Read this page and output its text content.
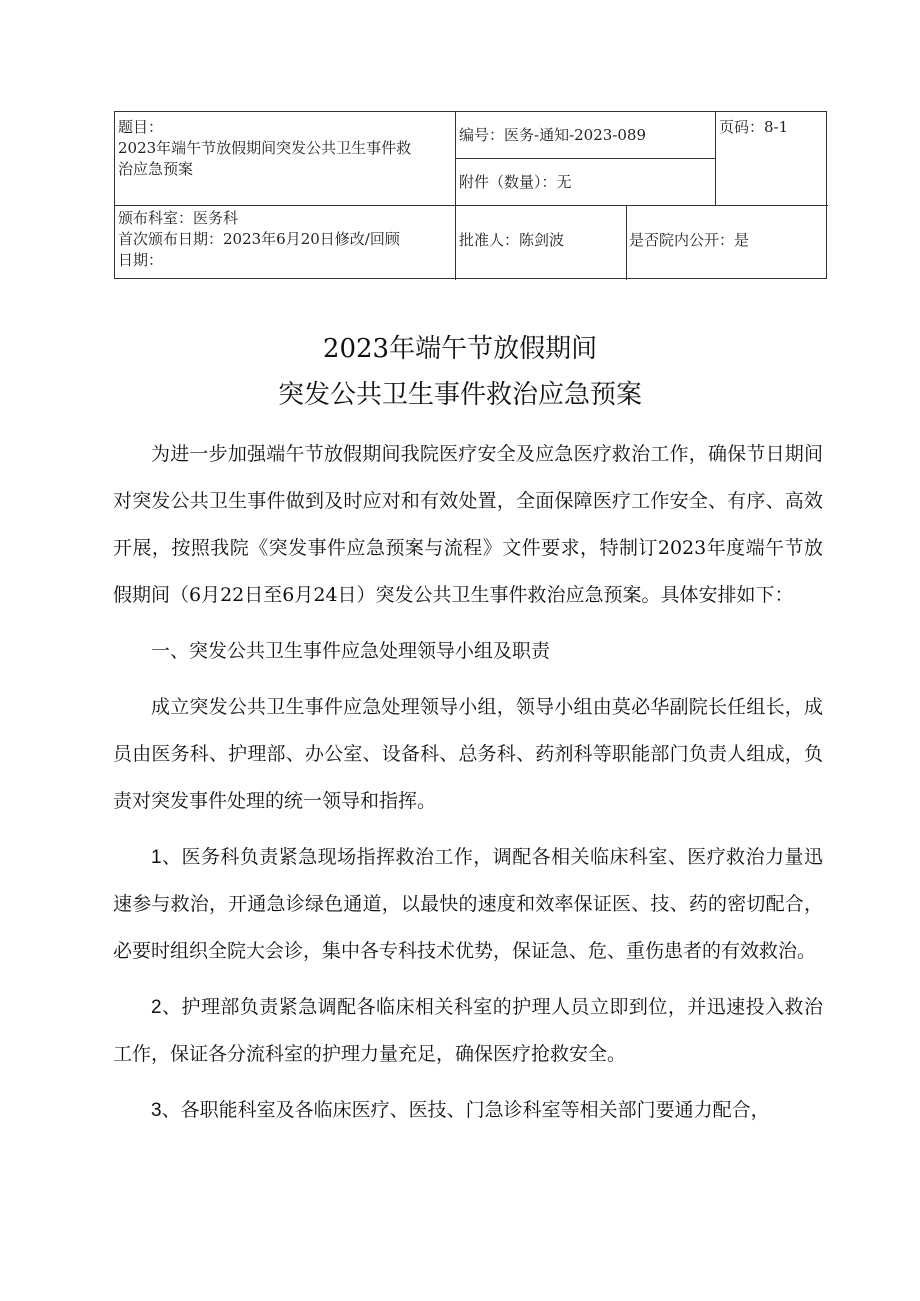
题目：
2023年端午节放假期间突发公共卫生事件救
治应急预案
编号：医务-通知-2023-089
附件（数量）：无
页码：8-1
颁布科室：医务科
首次颁布日期：2023年6月20日修改/回顾
日期：
批准人：陈剑波	是否院内公开：是
2023年端午节放假期间
突发公共卫生事件救治应急预案

为进一步加强端午节放假期间我院医疗安全及应急医疗救治工作，确保节日期间对突发公共卫生事件做到及时应对和有效处置，全面保障医疗工作安全、有序、高效开展，按照我院《突发事件应急预案与流程》文件要求，特制订2023年度端午节放假期间（6月22日至6月24日）突发公共卫生事件救治应急预案。具体安排如下：

一、突发公共卫生事件应急处理领导小组及职责

成立突发公共卫生事件应急处理领导小组，领导小组由莫必华副院长任组长，成员由医务科、护理部、办公室、设备科、总务科、药剂科等职能部门负责人组成，负责对突发事件处理的统一领导和指挥。

1、医务科负责紧急现场指挥救治工作，调配各相关临床科室、医疗救治力量迅速参与救治，开通急诊绿色通道，以最快的速度和效率保证医、技、药的密切配合，必要时组织全院大会诊，集中各专科技术优势，保证急、危、重伤患者的有效救治。

2、护理部负责紧急调配各临床相关科室的护理人员立即到位，并迅速投入救治工作，保证各分流科室的护理力量充足，确保医疗抢救安全。

3、各职能科室及各临床医疗、医技、门急诊科室等相关部门要通力配合，
